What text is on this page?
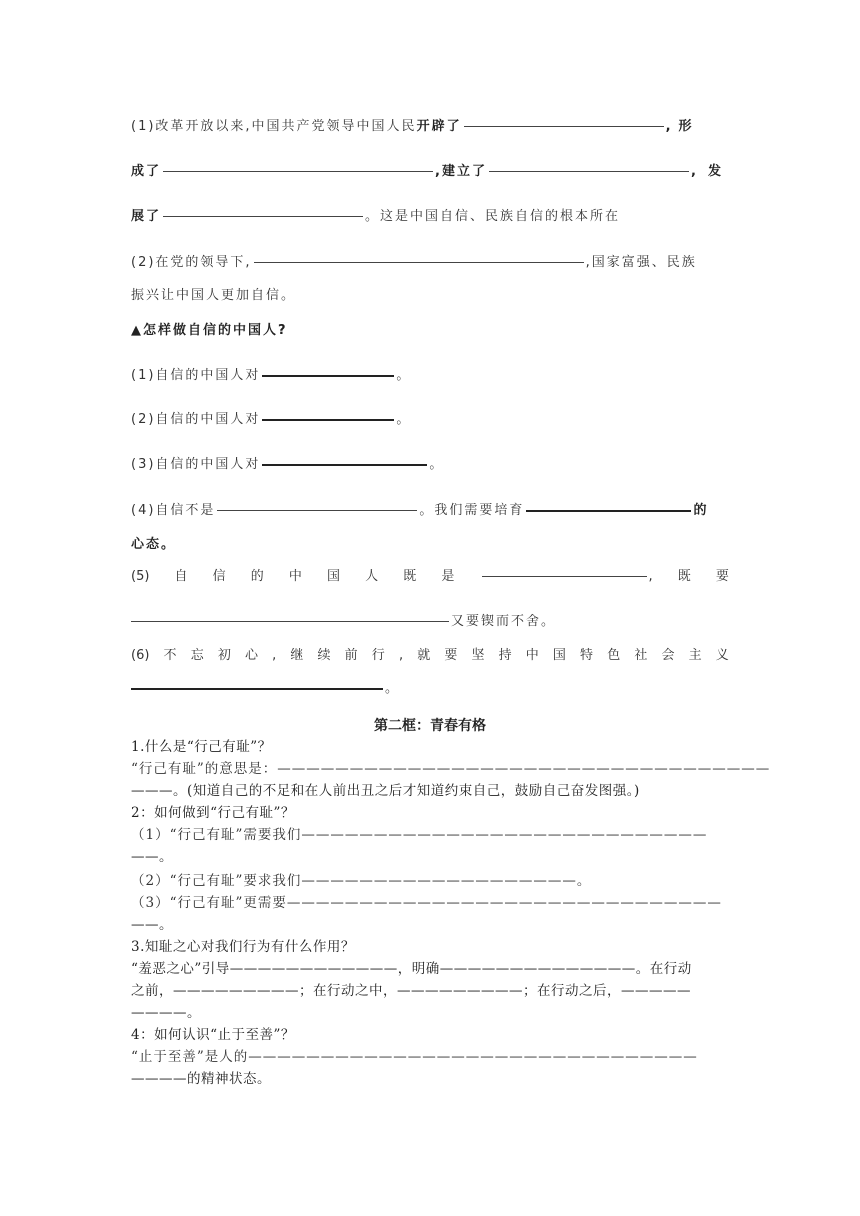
(1)改革开放以来,中国共产党领导中国人民开辟了	, 形
成了	,建立了	, 发
展了	。这是中国自信、民族自信的根本所在
(2)在党的领导下,	,国家富强、民族
振兴让中国人更加自信。
▲怎样做自信的中国人?
(1)自信的中国人对	。
(2)自信的中国人对	。
(3)自信的中国人对	。
(4)自信不是	。我们需要培育	的
心态。
(5) 自 信 的 中 国 人 既 是	, 既 要
又要锲而不舍。
(6) 不 忘 初 心 , 继 续 前 行 , 就 要 坚 持 中 国 特 色 社 会 主 义
。
第二框：青春有格
1.什么是“行己有耻”？
“行己有耻”的意思是：——————————————————————————————————
———。(知道自己的不足和在人前出丑之后才知道约束自己，鼓励自己奋发图强。)
2：如何做到“行己有耻”？
（1）“行己有耻”需要我们————————————————————————————
——。
（2）“行己有耻”要求我们———————————————————。
（3）“行己有耻”更需要——————————————————————————————
——。
3.知耻之心对我们行为有什么作用？
“羞恶之心”引导————————————，明确——————————————。在行动
之前，—————————；在行动之中，—————————；在行动之后，—————
————。
4：如何认识“止于至善”？
“止于至善”是人的———————————————————————————————
————的精神状态。
